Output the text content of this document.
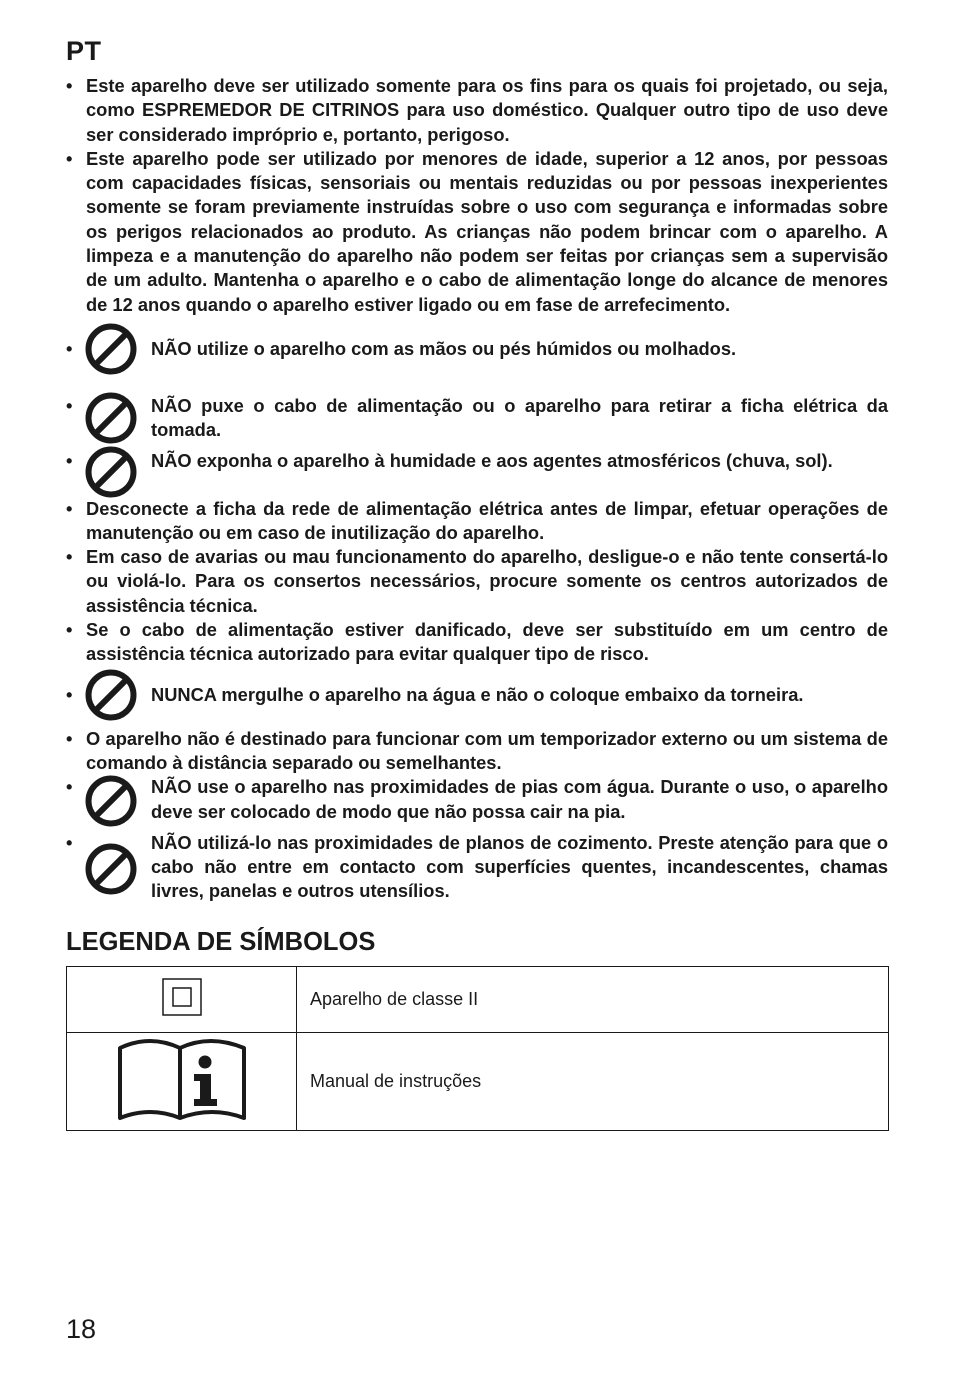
PT
• Este aparelho deve ser utilizado somente para os fins para os quais foi projetado, ou seja, como ESPREMEDOR DE CITRINOS para uso doméstico. Qualquer outro tipo de uso deve ser considerado impróprio e, portanto, perigoso.
• Este aparelho pode ser utilizado por menores de idade, superior a 12 anos, por pessoas com capacidades físicas, sensoriais ou mentais reduzidas ou por pessoas inexperientes somente se foram previamente instruídas sobre o uso com segurança e informadas sobre os perigos relacionados ao produto. As crianças não podem brincar com o aparelho. A limpeza e a manutenção do aparelho não podem ser feitas por crianças sem a supervisão de um adulto. Mantenha o aparelho e o cabo de alimentação longe do alcance de menores de 12 anos quando o aparelho estiver ligado ou em fase de arrefecimento.
•	NÃO utilize o aparelho com as mãos ou pés húmidos ou molhados.
•	NÃO puxe o cabo de alimentação ou o aparelho para retirar a ficha elétrica da tomada.
•	NÃO exponha o aparelho à humidade e aos agentes atmosféricos (chuva, sol).
• Desconecte a ficha da rede de alimentação elétrica antes de limpar, efetuar operações de manutenção ou em caso de inutilização do aparelho.
• Em caso de avarias ou mau funcionamento do aparelho, desligue-o e não tente consertá-lo ou violá-lo. Para os consertos necessários, procure somente os centros autorizados de assistência técnica.
• Se o cabo de alimentação estiver danificado, deve ser substituído em um centro de assistência técnica autorizado para evitar qualquer tipo de risco.
•	NUNCA mergulhe o aparelho na água e não o coloque embaixo da torneira.
• O aparelho não é destinado para funcionar com um temporizador externo ou um sistema de comando à distância separado ou semelhantes.
•	NÃO use o aparelho nas proximidades de pias com água. Durante o uso, o aparelho deve ser colocado de modo que não possa cair na pia.
•	NÃO utilizá-lo nas proximidades de planos de cozimento. Preste atenção para que o cabo não entre em contacto com superfícies quentes, incandescentes, chamas livres, panelas e outros utensílios.
LEGENDA DE SÍMBOLOS
	Aparelho de classe II
	Manual de instruções
18
